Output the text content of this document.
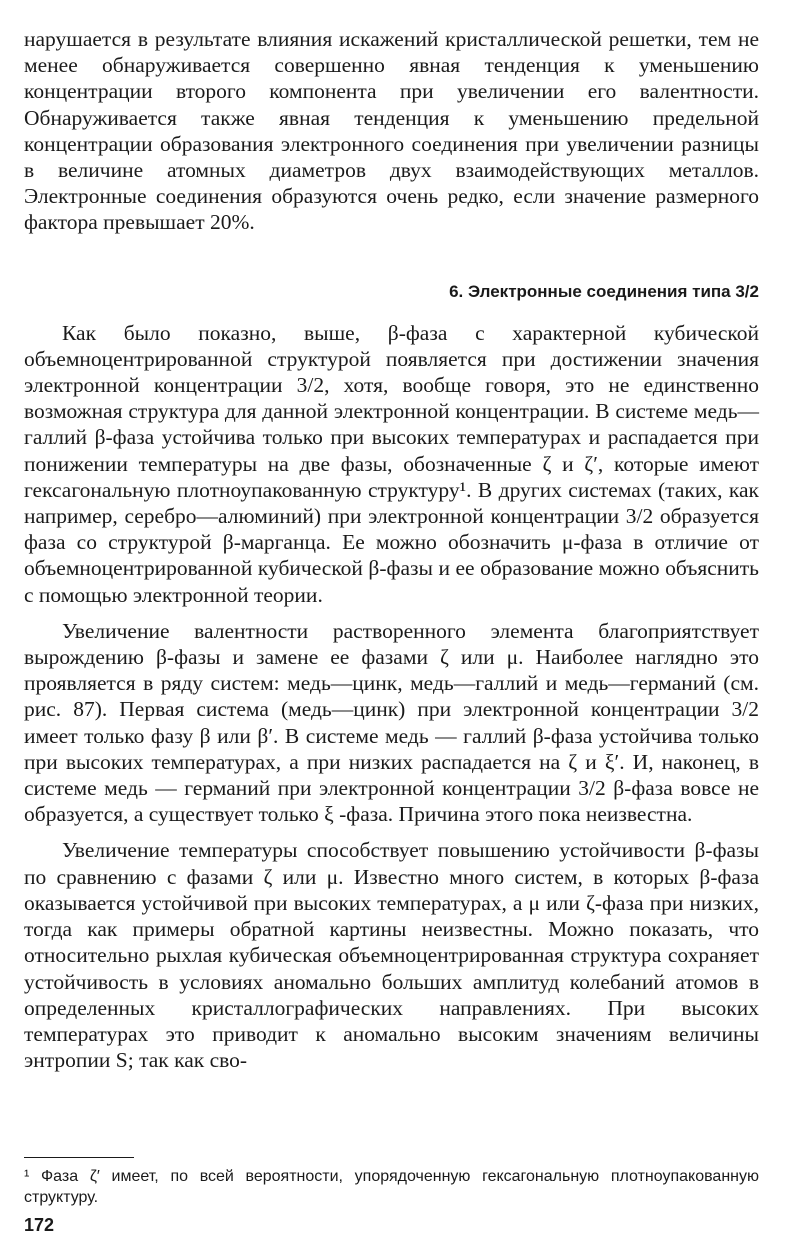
нарушается в результате влияния искажений кристаллической решетки, тем не менее обнаруживается совершенно явная тенденция к уменьшению концентрации второго компонента при увеличении его валентности. Обнаруживается также явная тенденция к уменьшению предельной концентрации образования электронного соединения при увеличении разницы в величине атомных диаметров двух взаимодействующих металлов. Электронные соединения образуются очень редко, если значение размерного фактора превышает 20%.

6. Электронные соединения типа 3/2

Как было показно, выше, β-фаза с характерной кубической объемноцентрированной структурой появляется при достижении значения электронной концентрации 3/2, хотя, вообще говоря, это не единственно возможная структура для данной электронной концентрации. В системе медь—галлий β-фаза устойчива только при высоких температурах и распадается при понижении температуры на две фазы, обозначенные ζ и ζ′, которые имеют гексагональную плотноупакованную структуру¹. В других системах (таких, как например, серебро—алюминий) при электронной концентрации 3/2 образуется фаза со структурой β-марганца. Ее можно обозначить μ-фаза в отличие от объемноцентрированной кубической β-фазы и ее образование можно объяснить с помощью электронной теории.

Увеличение валентности растворенного элемента благоприятствует вырождению β-фазы и замене ее фазами ζ или μ. Наиболее наглядно это проявляется в ряду систем: медь—цинк, медь—галлий и медь—германий (см. рис. 87). Первая система (медь—цинк) при электронной концентрации 3/2 имеет только фазу β или β′. В системе медь — галлий β-фаза устойчива только при высоких температурах, а при низких распадается на ζ и ξ′. И, наконец, в системе медь — германий при электронной концентрации 3/2 β-фаза вовсе не образуется, а существует только ξ -фаза. Причина этого пока неизвестна.

Увеличение температуры способствует повышению устойчивости β-фазы по сравнению с фазами ζ или μ. Известно много систем, в которых β-фаза оказывается устойчивой при высоких температурах, а μ или ζ-фаза при низких, тогда как примеры обратной картины неизвестны. Можно показать, что относительно рыхлая кубическая объемноцентрированная структура сохраняет устойчивость в условиях аномально больших амплитуд колебаний атомов в определенных кристаллографических направлениях. При высоких температурах это приводит к аномально высоким значениям величины энтропии S; так как сво-

¹ Фаза ζ′ имеет, по всей вероятности, упорядоченную гексагональную плотноупакованную структуру.
172
